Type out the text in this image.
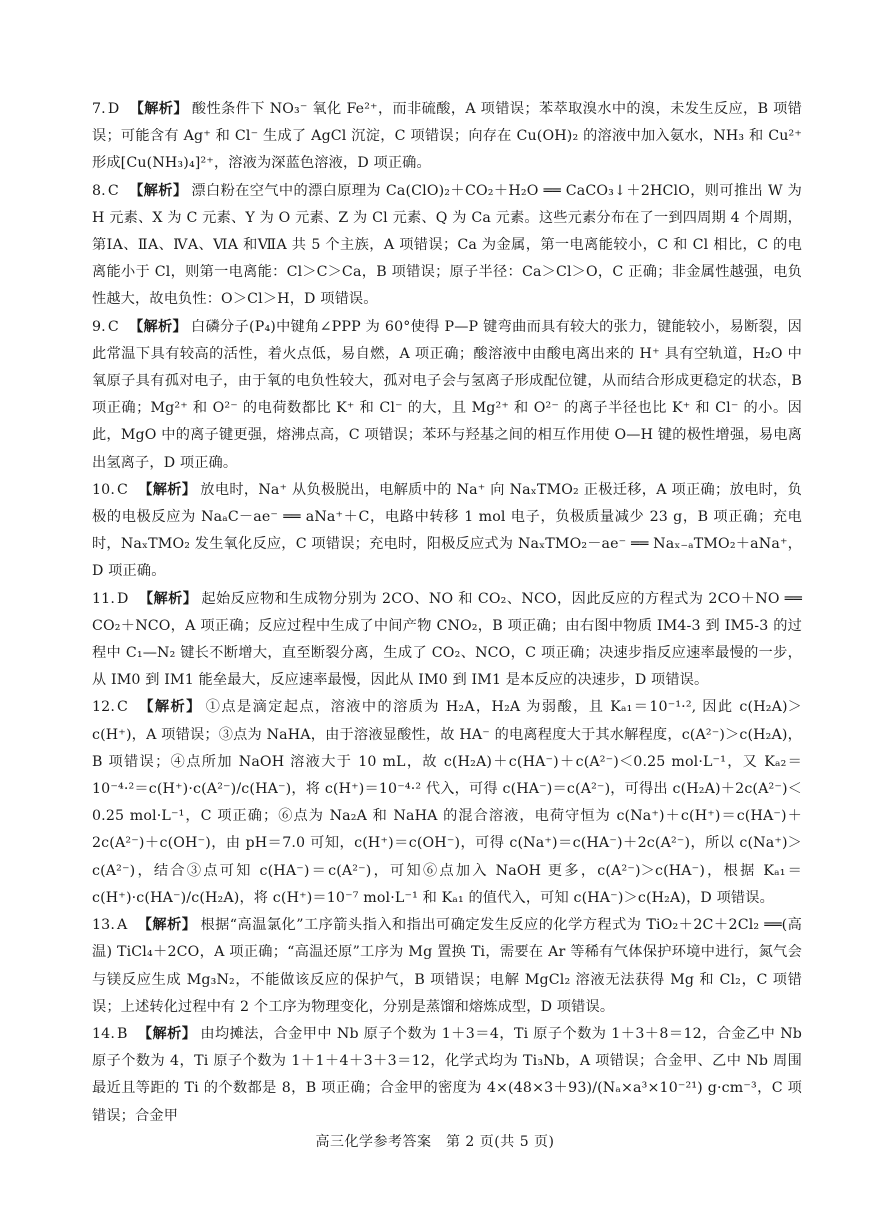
7. D 【解析】 酸性条件下 NO₃⁻ 氧化 Fe²⁺，而非硫酸，A 项错误；苯萃取溴水中的溴，未发生反应，B 项错误；可能含有 Ag⁺ 和 Cl⁻ 生成了 AgCl 沉淀，C 项错误；向存在 Cu(OH)₂ 的溶液中加入氨水，NH₃ 和 Cu²⁺ 形成[Cu(NH₃)₄]²⁺，溶液为深蓝色溶液，D 项正确。

8. C 【解析】 漂白粉在空气中的漂白原理为 Ca(ClO)₂＋CO₂＋H₂O ══ CaCO₃↓＋2HClO，则可推出 W 为 H 元素、X 为 C 元素、Y 为 O 元素、Z 为 Cl 元素、Q 为 Ca 元素。这些元素分布在了一到四周期 4 个周期，第ⅠA、ⅡA、ⅣA、ⅥA 和ⅦA 共 5 个主族，A 项错误；Ca 为金属，第一电离能较小，C 和 Cl 相比，C 的电离能小于 Cl，则第一电离能：Cl＞C＞Ca，B 项错误；原子半径：Ca＞Cl＞O，C 正确；非金属性越强，电负性越大，故电负性：O＞Cl＞H，D 项错误。

9. C 【解析】 白磷分子(P₄)中键角∠PPP 为 60°使得 P—P 键弯曲而具有较大的张力，键能较小，易断裂，因此常温下具有较高的活性，着火点低，易自燃，A 项正确；酸溶液中由酸电离出来的 H⁺ 具有空轨道，H₂O 中氧原子具有孤对电子，由于氧的电负性较大，孤对电子会与氢离子形成配位键，从而结合形成更稳定的状态，B 项正确；Mg²⁺ 和 O²⁻ 的电荷数都比 K⁺ 和 Cl⁻ 的大，且 Mg²⁺ 和 O²⁻ 的离子半径也比 K⁺ 和 Cl⁻ 的小。因此，MgO 中的离子键更强，熔沸点高，C 项错误；苯环与羟基之间的相互作用使 O—H 键的极性增强，易电离出氢离子，D 项正确。

10. C 【解析】 放电时，Na⁺ 从负极脱出，电解质中的 Na⁺ 向 NaₓTMO₂ 正极迁移，A 项正确；放电时，负极的电极反应为 NaₐC－ae⁻ ══ aNa⁺＋C，电路中转移 1 mol 电子，负极质量减少 23 g，B 项正确；充电时，NaₓTMO₂ 发生氧化反应，C 项错误；充电时，阳极反应式为 NaₓTMO₂－ae⁻ ══ Naₓ₋ₐTMO₂＋aNa⁺，D 项正确。

11. D 【解析】 起始反应物和生成物分别为 2CO、NO 和 CO₂、NCO，因此反应的方程式为 2CO＋NO ══ CO₂＋NCO，A 项正确；反应过程中生成了中间产物 CNO₂，B 项正确；由右图中物质 IM4-3 到 IM5-3 的过程中 C₁—N₂ 键长不断增大，直至断裂分离，生成了 CO₂、NCO，C 项正确；决速步指反应速率最慢的一步，从 IM0 到 IM1 能垒最大，反应速率最慢，因此从 IM0 到 IM1 是本反应的决速步，D 项错误。

12. C 【解析】 ①点是滴定起点，溶液中的溶质为 H₂A，H₂A 为弱酸，且 Kₐ₁＝10⁻¹·², 因此 c(H₂A)＞c(H⁺)，A 项错误；③点为 NaHA，由于溶液显酸性，故 HA⁻ 的电离程度大于其水解程度，c(A²⁻)＞c(H₂A)，B 项错误；④点所加 NaOH 溶液大于 10 mL，故 c(H₂A)＋c(HA⁻)＋c(A²⁻)＜0.25 mol·L⁻¹，又 Kₐ₂＝10⁻⁴·²＝c(H⁺)·c(A²⁻)/c(HA⁻)，将 c(H⁺)＝10⁻⁴·² 代入，可得 c(HA⁻)＝c(A²⁻)，可得出 c(H₂A)＋2c(A²⁻)＜0.25 mol·L⁻¹，C 项正确；⑥点为 Na₂A 和 NaHA 的混合溶液，电荷守恒为 c(Na⁺)＋c(H⁺)＝c(HA⁻)＋2c(A²⁻)＋c(OH⁻)，由 pH＝7.0 可知，c(H⁺)＝c(OH⁻)，可得 c(Na⁺)＝c(HA⁻)＋2c(A²⁻)，所以 c(Na⁺)＞c(A²⁻)，结合③点可知 c(HA⁻)＝c(A²⁻)，可知⑥点加入 NaOH 更多，c(A²⁻)＞c(HA⁻)，根据 Kₐ₁＝c(H⁺)·c(HA⁻)/c(H₂A)，将 c(H⁺)＝10⁻⁷ mol·L⁻¹ 和 Kₐ₁ 的值代入，可知 c(HA⁻)＞c(H₂A)，D 项错误。

13. A 【解析】 根据“高温氯化”工序箭头指入和指出可确定发生反应的化学方程式为 TiO₂＋2C＋2Cl₂ ══(高温) TiCl₄＋2CO，A 项正确；“高温还原”工序为 Mg 置换 Ti，需要在 Ar 等稀有气体保护环境中进行，氮气会与镁反应生成 Mg₃N₂，不能做该反应的保护气，B 项错误；电解 MgCl₂ 溶液无法获得 Mg 和 Cl₂，C 项错误；上述转化过程中有 2 个工序为物理变化，分别是蒸馏和熔炼成型，D 项错误。

14. B 【解析】 由均摊法，合金甲中 Nb 原子个数为 1＋3＝4，Ti 原子个数为 1＋3＋8＝12，合金乙中 Nb 原子个数为 4，Ti 原子个数为 1＋1＋4＋3＋3＝12，化学式均为 Ti₃Nb，A 项错误；合金甲、乙中 Nb 周围最近且等距的 Ti 的个数都是 8，B 项正确；合金甲的密度为 4×(48×3＋93)/(Nₐ×a³×10⁻²¹) g·cm⁻³，C 项错误；合金甲

高三化学参考答案　第 2 页(共 5 页)
